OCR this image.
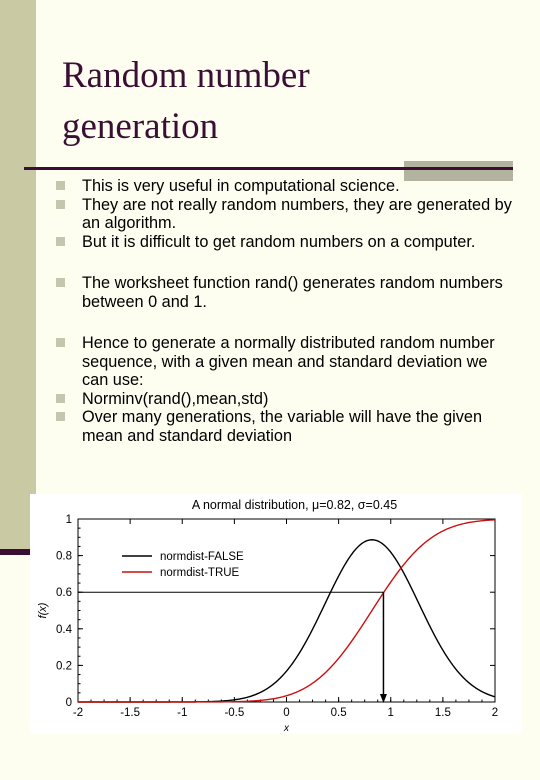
Random number
generation
This is very useful in computational science.
They are not really random numbers, they are generated by an algorithm.
But it is difficult to get random numbers on a computer.
The worksheet function rand() generates random numbers between 0 and 1.
Hence to generate a normally distributed random number sequence, with a given mean and standard deviation we can use:
Norminv(rand(),mean,std)
Over many generations, the variable will have the given mean and standard deviation
A normal distribution, μ=0.82, σ=0.45
-2	-1.5	-1	-0.5	0	0.5	1	1.5	2
0
0.2
0.4
0.6
0.8
1
x
f(x)
normdist-FALSE
normdist-TRUE
